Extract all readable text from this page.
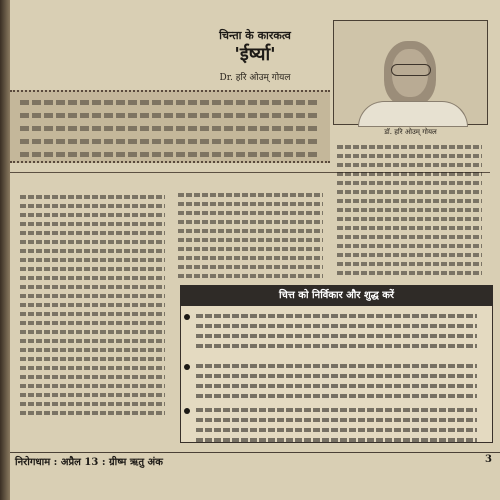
चिन्ता के कारकत्व
'ईर्ष्या'
Dr. हरि ओउम् गोयल
डॉ. हरि ओउम् गोयल
चित्त को निर्विकार और शुद्ध करें
निरोगधाम : अप्रैल 13 : ग्रीष्म ऋतु अंक	3
